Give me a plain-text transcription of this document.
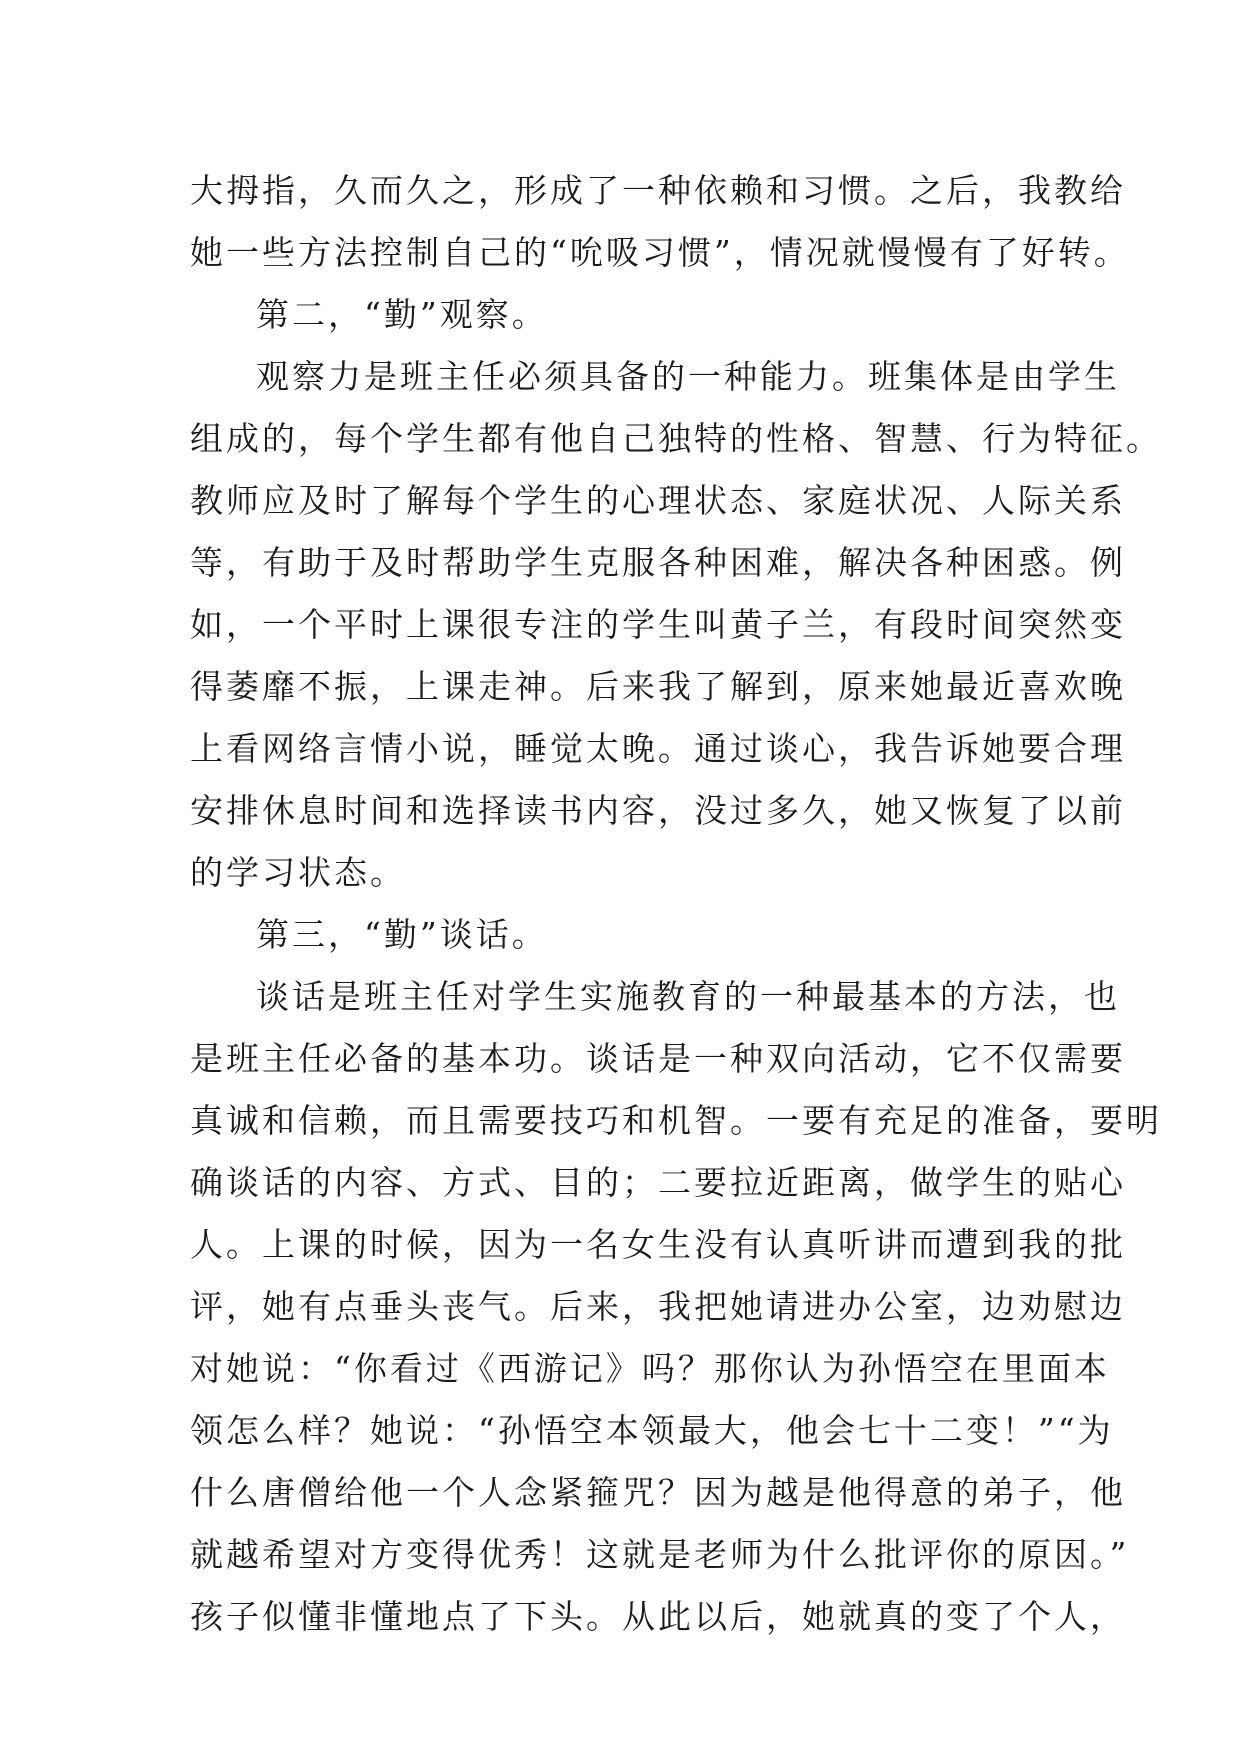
大拇指，久而久之，形成了一种依赖和习惯。之后，我教给
她一些方法控制自己的“吮吸习惯”，情况就慢慢有了好转。
第二，“勤”观察。
观察力是班主任必须具备的一种能力。班集体是由学生
组成的，每个学生都有他自己独特的性格、智慧、行为特征。
教师应及时了解每个学生的心理状态、家庭状况、人际关系
等，有助于及时帮助学生克服各种困难，解决各种困惑。例
如，一个平时上课很专注的学生叫黄子兰，有段时间突然变
得萎靡不振，上课走神。后来我了解到，原来她最近喜欢晚
上看网络言情小说，睡觉太晚。通过谈心，我告诉她要合理
安排休息时间和选择读书内容，没过多久，她又恢复了以前
的学习状态。
第三，“勤”谈话。
谈话是班主任对学生实施教育的一种最基本的方法，也
是班主任必备的基本功。谈话是一种双向活动，它不仅需要
真诚和信赖，而且需要技巧和机智。一要有充足的准备，要明
确谈话的内容、方式、目的；二要拉近距离，做学生的贴心
人。上课的时候，因为一名女生没有认真听讲而遭到我的批
评，她有点垂头丧气。后来，我把她请进办公室，边劝慰边
对她说：“你看过《西游记》吗？那你认为孙悟空在里面本
领怎么样？她说：“孙悟空本领最大，他会七十二变！”“为
什么唐僧给他一个人念紧箍咒？因为越是他得意的弟子，他
就越希望对方变得优秀！这就是老师为什么批评你的原因。”
孩子似懂非懂地点了下头。从此以后，她就真的变了个人，
